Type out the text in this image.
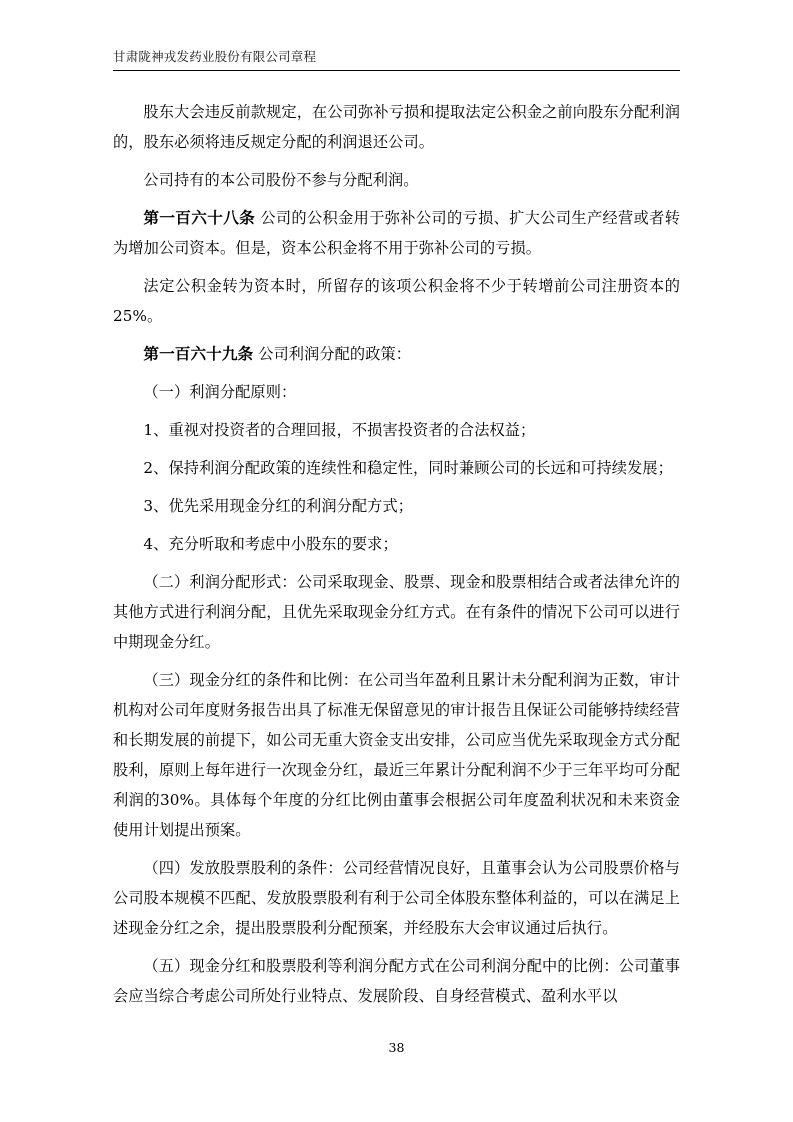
甘肃陇神戎发药业股份有限公司章程

股东大会违反前款规定，在公司弥补亏损和提取法定公积金之前向股东分配利润的，股东必须将违反规定分配的利润退还公司。

公司持有的本公司股份不参与分配利润。

第一百六十八条 公司的公积金用于弥补公司的亏损、扩大公司生产经营或者转为增加公司资本。但是，资本公积金将不用于弥补公司的亏损。

法定公积金转为资本时，所留存的该项公积金将不少于转增前公司注册资本的 25%。

第一百六十九条 公司利润分配的政策：

（一）利润分配原则：

1、重视对投资者的合理回报，不损害投资者的合法权益；

2、保持利润分配政策的连续性和稳定性，同时兼顾公司的长远和可持续发展；

3、优先采用现金分红的利润分配方式；

4、充分听取和考虑中小股东的要求；

（二）利润分配形式：公司采取现金、股票、现金和股票相结合或者法律允许的其他方式进行利润分配，且优先采取现金分红方式。在有条件的情况下公司可以进行中期现金分红。

（三）现金分红的条件和比例：在公司当年盈利且累计未分配利润为正数，审计机构对公司年度财务报告出具了标准无保留意见的审计报告且保证公司能够持续经营和长期发展的前提下，如公司无重大资金支出安排，公司应当优先采取现金方式分配股利，原则上每年进行一次现金分红，最近三年累计分配利润不少于三年平均可分配利润的30%。具体每个年度的分红比例由董事会根据公司年度盈利状况和未来资金使用计划提出预案。

（四）发放股票股利的条件：公司经营情况良好，且董事会认为公司股票价格与公司股本规模不匹配、发放股票股利有利于公司全体股东整体利益的，可以在满足上述现金分红之余，提出股票股利分配预案，并经股东大会审议通过后执行。

（五）现金分红和股票股利等利润分配方式在公司利润分配中的比例：公司董事会应当综合考虑公司所处行业特点、发展阶段、自身经营模式、盈利水平以

38
